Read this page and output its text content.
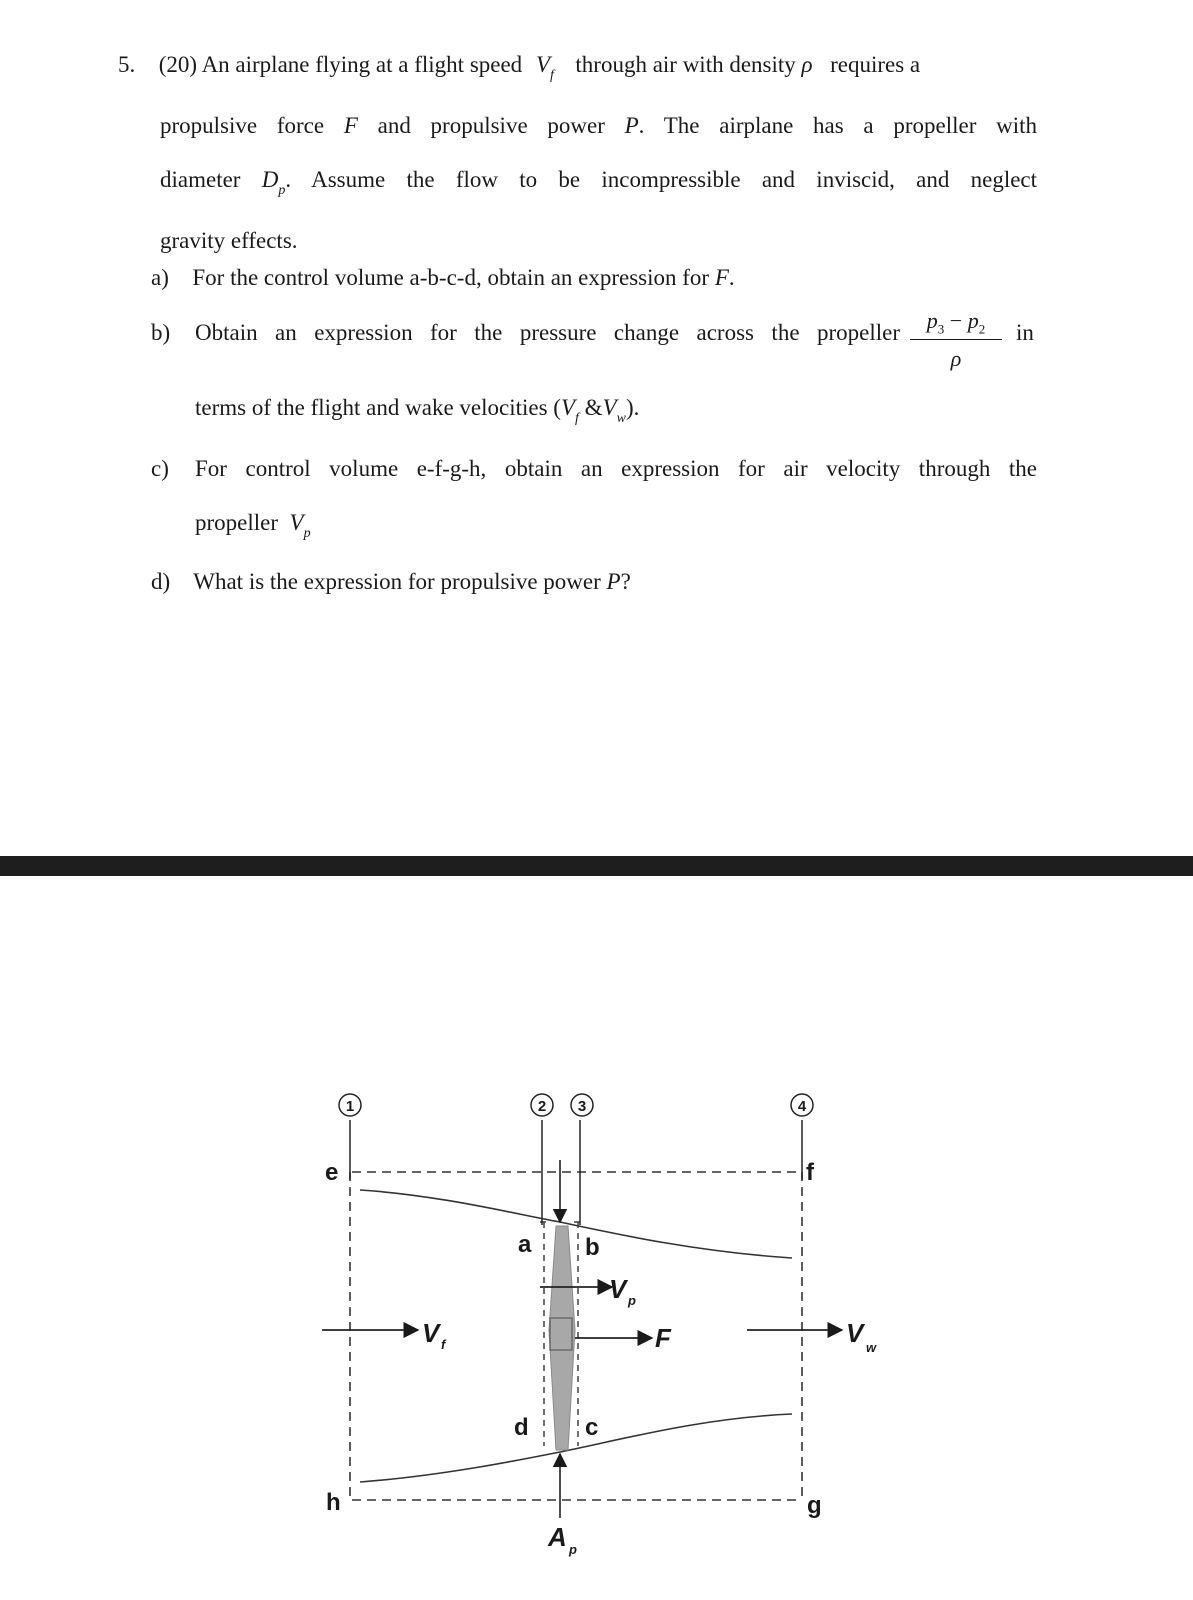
5. (20) An airplane flying at a flight speed $V_f$ through air with density ρ requires a
propulsive force F and propulsive power P. The airplane has a propeller with
diameter $D_p$. Assume the flow to be incompressible and inviscid, and neglect
gravity effects.
a) For the control volume a-b-c-d, obtain an expression for F.
b) Obtain an expression for the pressure change across the propeller $\frac{p_3 - p_2}{\rho}$ in
terms of the flight and wake velocities ($V_f$ $\&V_w$).
c) For control volume e-f-g-h, obtain an expression for air velocity through the
propeller $V_p$
d) What is the expression for propulsive power P?
1	2 3	4
e	f
g
h
a b
c
d
V f
V p
F	V w
A p
